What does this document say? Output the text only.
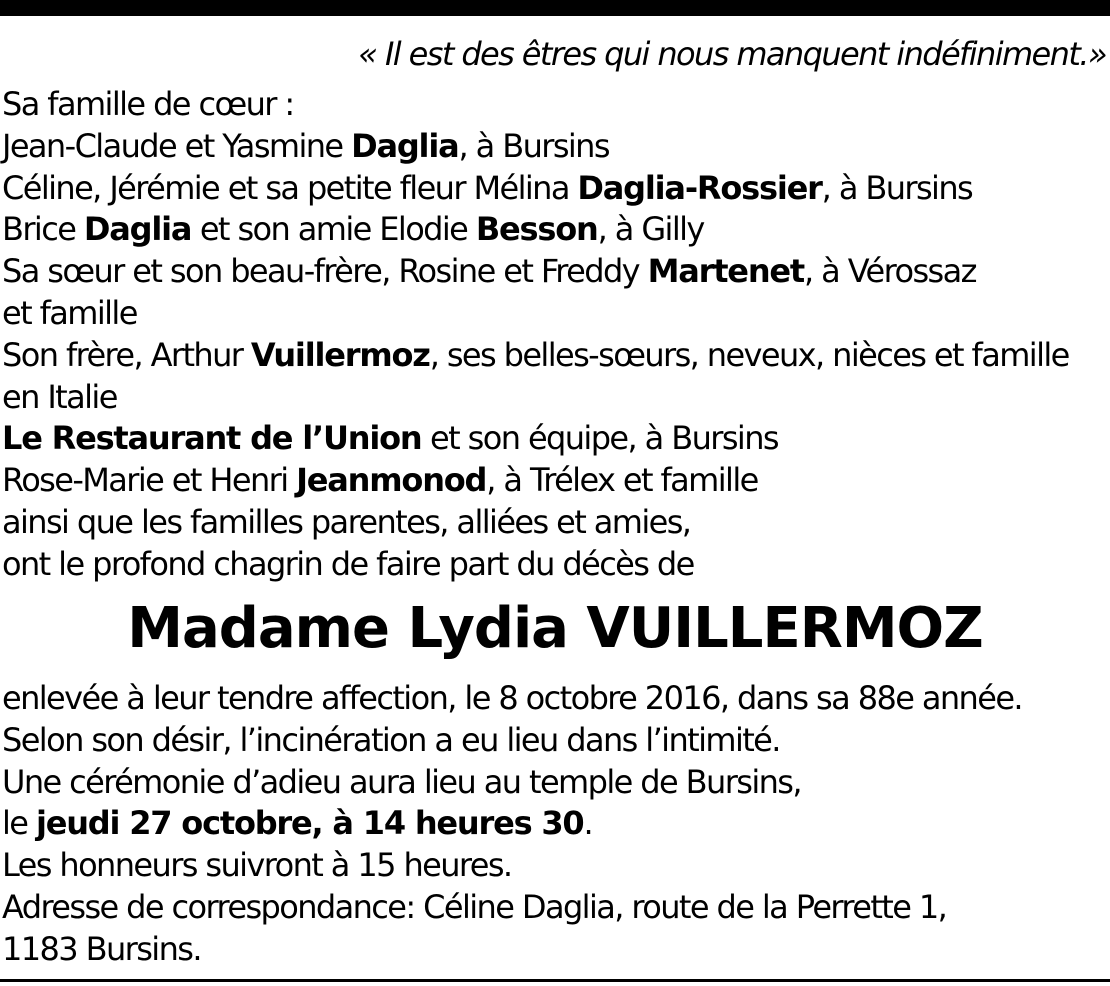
« Il est des êtres qui nous manquent indéfiniment.»
Sa famille de cœur :
Jean-Claude et Yasmine Daglia, à Bursins
Céline, Jérémie et sa petite fleur Mélina Daglia-Rossier, à Bursins
Brice Daglia et son amie Elodie Besson, à Gilly
Sa sœur et son beau-frère, Rosine et Freddy Martenet, à Vérossaz
et famille
Son frère, Arthur Vuillermoz, ses belles-sœurs, neveux, nièces et famille
en Italie
Le Restaurant de l’Union et son équipe, à Bursins
Rose-Marie et Henri Jeanmonod, à Trélex et famille
ainsi que les familles parentes, alliées et amies,
ont le profond chagrin de faire part du décès de
Madame Lydia VUILLERMOZ
enlevée à leur tendre affection, le 8 octobre 2016, dans sa 88e année.
Selon son désir, l’incinération a eu lieu dans l’intimité.
Une cérémonie d’adieu aura lieu au temple de Bursins,
le jeudi 27 octobre, à 14 heures 30.
Les honneurs suivront à 15 heures.
Adresse de correspondance: Céline Daglia, route de la Perrette 1,
1183 Bursins.
